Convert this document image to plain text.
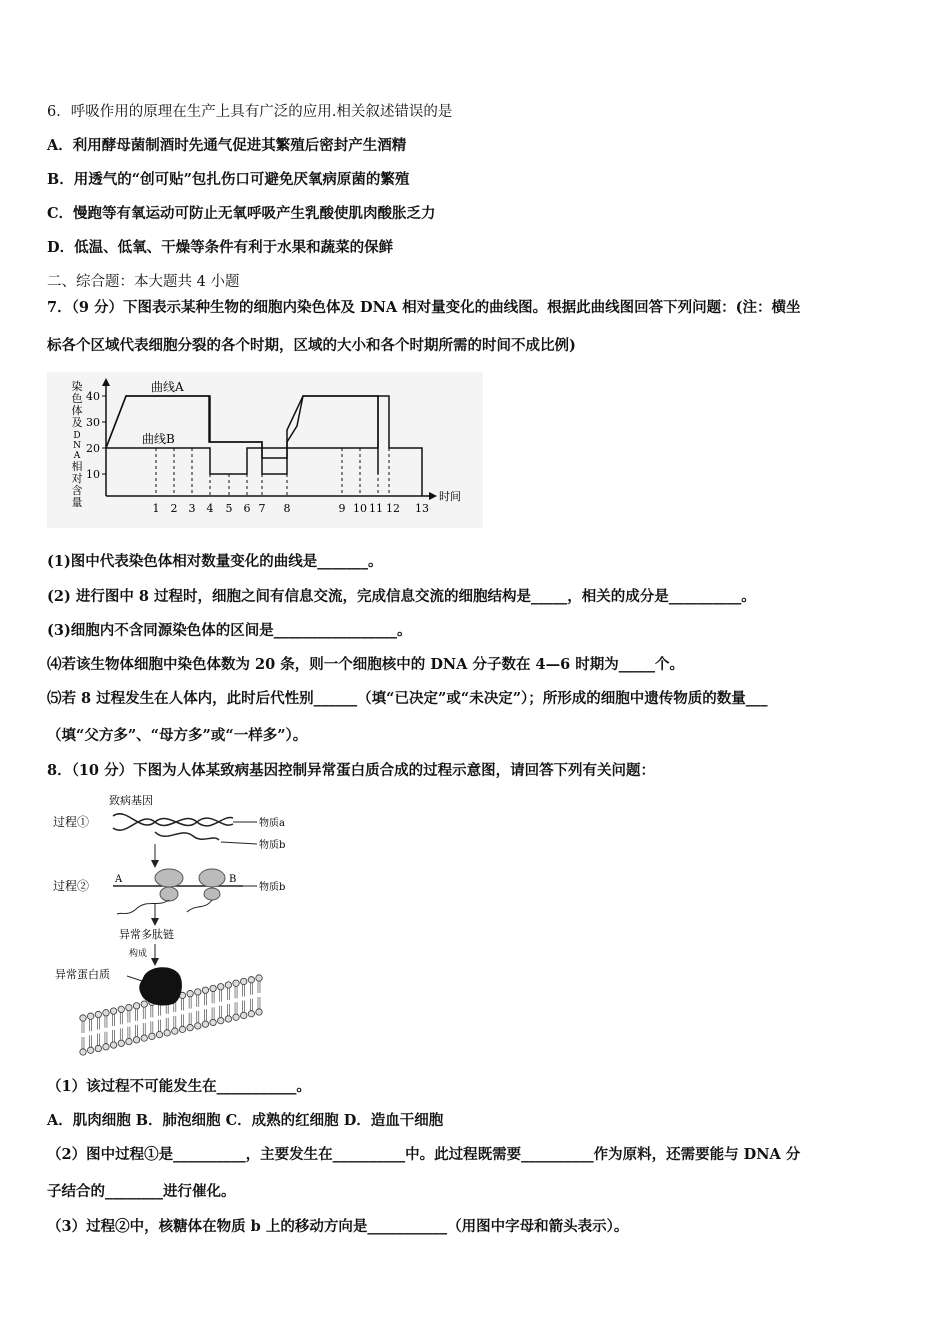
6．呼吸作用的原理在生产上具有广泛的应用.相关叙述错误的是
A．利用酵母菌制酒时先通气促进其繁殖后密封产生酒精
B．用透气的“创可贴”包扎伤口可避免厌氧病原菌的繁殖
C．慢跑等有氧运动可防止无氧呼吸产生乳酸使肌肉酸胀乏力
D．低温、低氧、干燥等条件有利于水果和蔬菜的保鲜
二、综合题：本大题共 4 小题
7．（9 分）下图表示某种生物的细胞内染色体及 DNA 相对量变化的曲线图。根据此曲线图回答下列问题：(注：横坐
标各个区域代表细胞分裂的各个时期，区域的大小和各个时期所需的时间不成比例)
染
色
体
及
D
N
A
相
对
含
量	时间
40
30
20
10
曲线A
曲线B
1 2 3 4 5 6 7 8	9 10 11 12 13
(1)图中代表染色体相对数量变化的曲线是_______。
(2) 进行图中 8 过程时，细胞之间有信息交流，完成信息交流的细胞结构是_____，相关的成分是__________。
(3)细胞内不含同源染色体的区间是_________________。
⑷若该生物体细胞中染色体数为 20 条，则一个细胞核中的 DNA 分子数在 4—6 时期为_____个。
⑸若 8 过程发生在人体内，此时后代性别______（填“已决定”或“未决定”）；所形成的细胞中遗传物质的数量___
（填“父方多”、“母方多”或“一样多”）。
8．（10 分）下图为人体某致病基因控制异常蛋白质合成的过程示意图，请回答下列有关问题：
致病基因
过程①	物质a
物质b
过程②	A	B
物质b
异常多肽链
构成
异常蛋白质
（1）该过程不可能发生在___________。
A．肌肉细胞 B．肺泡细胞 C．成熟的红细胞 D．造血干细胞
（2）图中过程①是__________，主要发生在__________中。此过程既需要__________作为原料，还需要能与 DNA 分
子结合的________进行催化。
（3）过程②中，核糖体在物质 b 上的移动方向是___________（用图中字母和箭头表示）。
